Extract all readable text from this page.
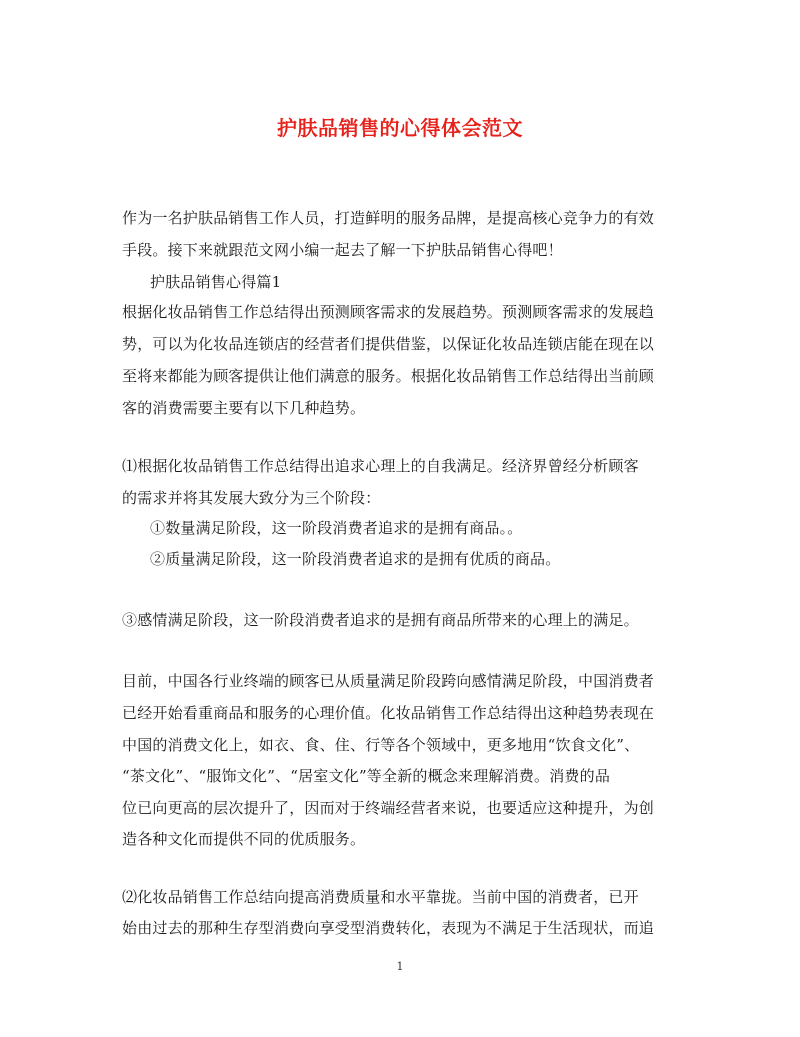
护肤品销售的心得体会范文
作为一名护肤品销售工作人员，打造鲜明的服务品牌，是提高核心竞争力的有效
手段。接下来就跟范文网小编一起去了解一下护肤品销售心得吧！
护肤品销售心得篇1
根据化妆品销售工作总结得出预测顾客需求的发展趋势。预测顾客需求的发展趋
势，可以为化妆品连锁店的经营者们提供借鉴，以保证化妆品连锁店能在现在以
至将来都能为顾客提供让他们满意的服务。根据化妆品销售工作总结得出当前顾
客的消费需要主要有以下几种趋势。
⑴根据化妆品销售工作总结得出追求心理上的自我满足。经济界曾经分析顾客
的需求并将其发展大致分为三个阶段：
①数量满足阶段，这一阶段消费者追求的是拥有商品。。
②质量满足阶段，这一阶段消费者追求的是拥有优质的商品。
③感情满足阶段，这一阶段消费者追求的是拥有商品所带来的心理上的满足。
目前，中国各行业终端的顾客已从质量满足阶段跨向感情满足阶段，中国消费者
已经开始看重商品和服务的心理价值。化妆品销售工作总结得出这种趋势表现在
中国的消费文化上，如衣、食、住、行等各个领域中，更多地用“饮食文化”、
“茶文化”、“服饰文化”、“居室文化”等全新的概念来理解消费。消费的品
位已向更高的层次提升了，因而对于终端经营者来说，也要适应这种提升，为创
造各种文化而提供不同的优质服务。
⑵化妆品销售工作总结向提高消费质量和水平靠拢。当前中国的消费者，已开
始由过去的那种生存型消费向享受型消费转化，表现为不满足于生活现状，而追
1
